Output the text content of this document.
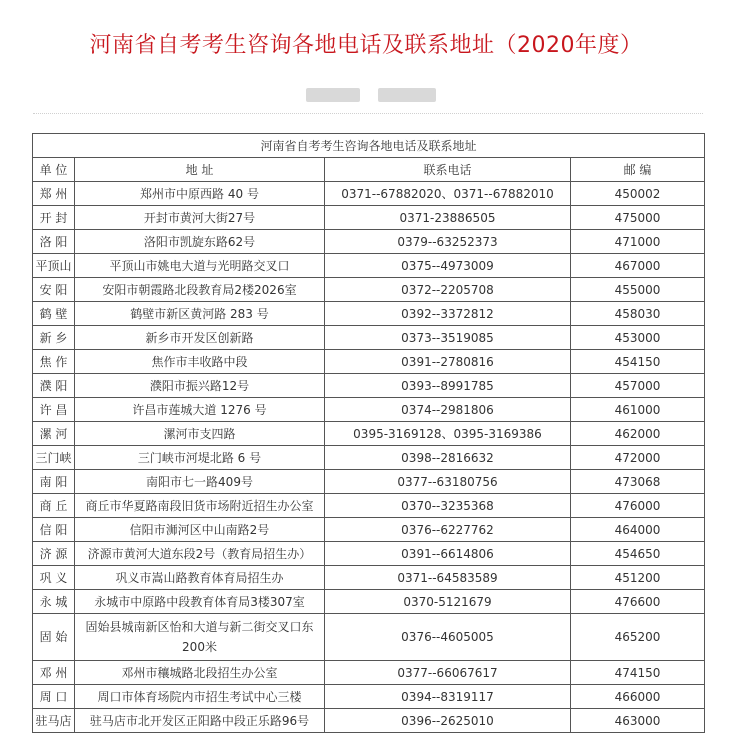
河南省自考考生咨询各地电话及联系地址（2020年度）
河南省自考考生咨询各地电话及联系地址			
单 位	地 址	联系电话	邮 编
郑 州	郑州市中原西路 40 号	0371--67882020、0371--67882010	450002
开 封	开封市黄河大街27号	0371-23886505	475000
洛 阳	洛阳市凯旋东路62号	0379--63252373	471000
平顶山	平顶山市姚电大道与光明路交叉口	0375--4973009	467000
安 阳	安阳市朝霞路北段教育局2楼2026室	0372--2205708	455000
鹤 壁	鹤壁市新区黄河路 283 号	0392--3372812	458030
新 乡	新乡市开发区创新路	0373--3519085	453000
焦 作	焦作市丰收路中段	0391--2780816	454150
濮 阳	濮阳市振兴路12号	0393--8991785	457000
许 昌	许昌市莲城大道 1276 号	0374--2981806	461000
漯 河	漯河市支四路	0395-3169128、0395-3169386	462000
三门峡	三门峡市河堤北路 6 号	0398--2816632	472000
南 阳	南阳市七一路409号	0377--63180756	473068
商 丘	商丘市华夏路南段旧货市场附近招生办公室	0370--3235368	476000
信 阳	信阳市浉河区中山南路2号	0376--6227762	464000
济 源	济源市黄河大道东段2号（教育局招生办）	0391--6614806	454650
巩 义	巩义市嵩山路教育体育局招生办	0371--64583589	451200
永 城	永城市中原路中段教育体育局3楼307室	0370-5121679	476600
固 始	固始县城南新区怡和大道与新二街交叉口东200米	0376--4605005	465200
邓 州	邓州市穰城路北段招生办公室	0377--66067617	474150
周 口	周口市体育场院内市招生考试中心三楼	0394--8319117	466000
驻马店	驻马店市北开发区正阳路中段正乐路96号	0396--2625010	463000
